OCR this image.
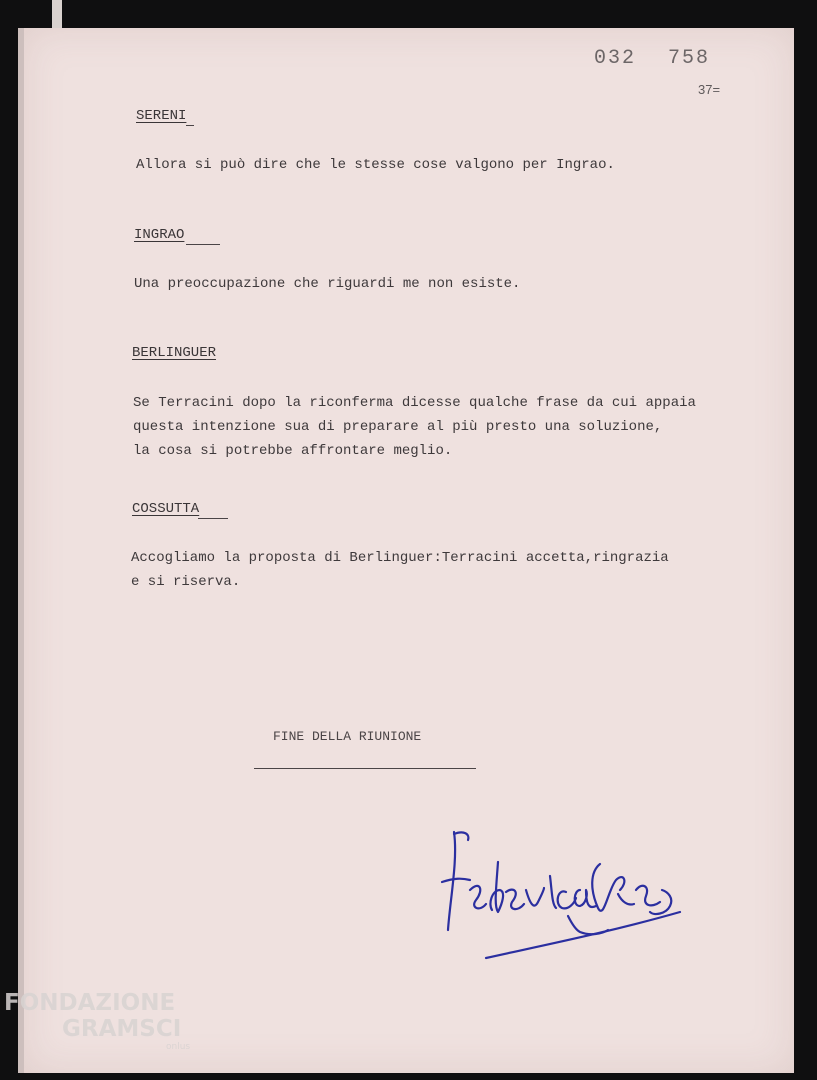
032 758
37=
SERENI
Allora si può dire che le stesse cose valgono per Ingrao.
INGRAO
Una preoccupazione che riguardi me non esiste.
BERLINGUER
Se Terracini dopo la riconferma dicesse qualche frase da cui appaia
questa intenzione sua di preparare al più presto una soluzione,
la cosa si potrebbe affrontare meglio.
COSSUTTA
Accogliamo la proposta di Berlinguer:Terracini accetta,ringrazia
e si riserva.
FINE DELLA RIUNIONE
FONDAZIONE
GRAMSCI
onlus
